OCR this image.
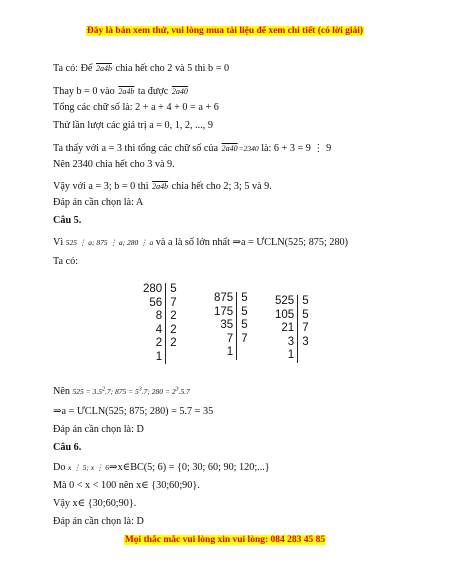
Đây là bản xem thử, vui lòng mua tài liệu để xem chi tiết (có lời giải)
Ta có: Để 2a4b chia hết cho 2 và 5 thì b = 0
Thay b = 0 vào 2a4b ta được 2a40
Tổng các chữ số là: 2 + a + 4 + 0 = a + 6
Thử lần lượt các giá trị a = 0, 1, 2, ..., 9
Ta thấy với a = 3 thì tổng các chữ số của 2a40=2340 là: 6 + 3 = 9 ⋮ 9
Nên 2340 chia hết cho 3 và 9.
Vậy với a = 3; b = 0 thì 2a4b chia hết cho 2; 3; 5 và 9.
Đáp án cần chọn là: A
Câu 5.
Vì 525 ⋮ a; 875 ⋮ a; 280 ⋮ a và a là số lớn nhất ⇒a = ƯCLN(525; 875; 280)
Ta có:
280 5
56 7
8 2
4 2
2 2
1
875 5
175 5
35 5
7 7
1
525 5
105 5
21 7
3 3
1
Nên $525 = 3.5^2.7$; $875 = 5^3.7$; $280 = 2^3.5.7$
⇒a = ƯCLN(525; 875; 280) = 5.7 = 35
Đáp án cần chọn là: D
Câu 6.
Do x ⋮ 5; x ⋮ 6⇒x∈BC(5; 6) = {0; 30; 60; 90; 120;...}
Mà 0 < x < 100 nên x∈ {30;60;90}.
Vậy x∈ {30;60;90}.
Đáp án cần chọn là: D
Mọi thắc mắc vui lòng xin vui lòng: 084 283 45 85
